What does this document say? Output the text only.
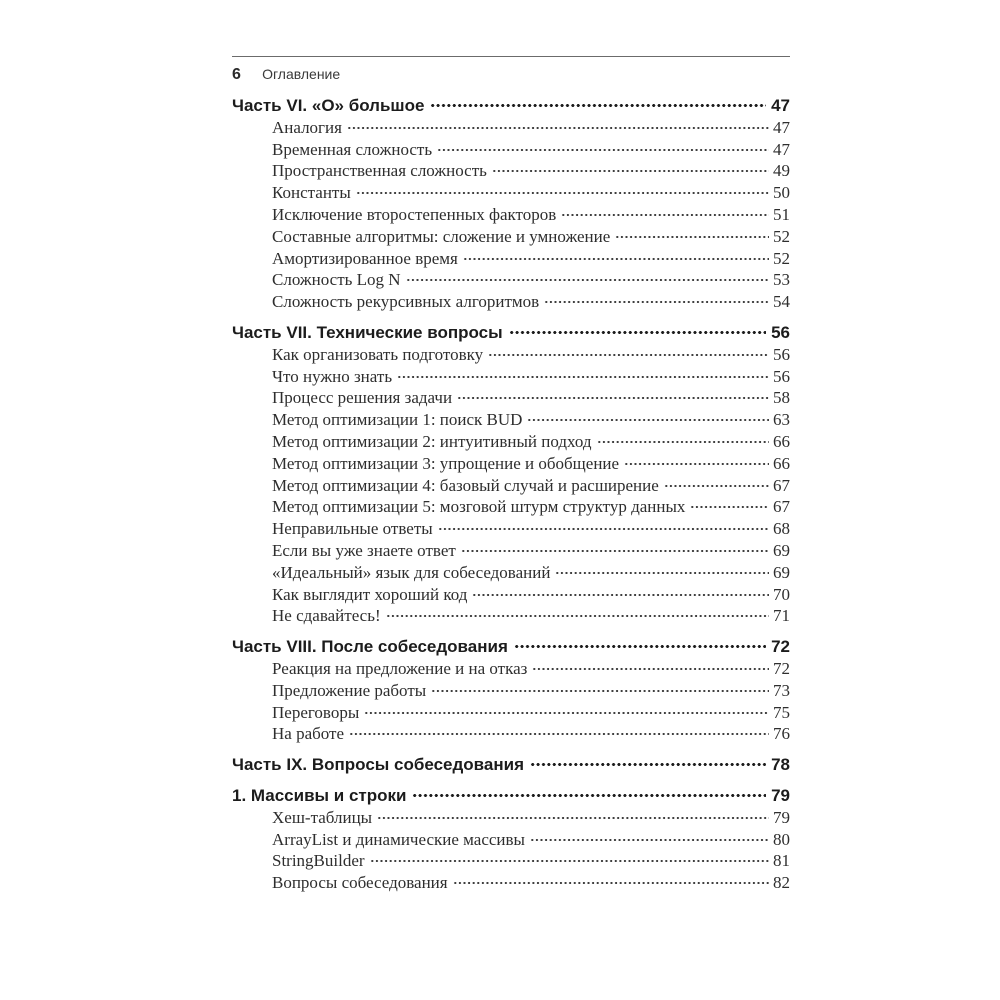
6 Оглавление
Часть VI. «О» большое	47
Аналогия	47
Временная сложность	47
Пространственная сложность	49
Константы	50
Исключение второстепенных факторов	51
Составные алгоритмы: сложение и умножение	52
Амортизированное время	52
Сложность Log N	53
Сложность рекурсивных алгоритмов	54
Часть VII. Технические вопросы	56
Как организовать подготовку	56
Что нужно знать	56
Процесс решения задачи	58
Метод оптимизации 1: поиск BUD	63
Метод оптимизации 2: интуитивный подход	66
Метод оптимизации 3: упрощение и обобщение	66
Метод оптимизации 4: базовый случай и расширение	67
Метод оптимизации 5: мозговой штурм структур данных	67
Неправильные ответы	68
Если вы уже знаете ответ	69
«Идеальный» язык для собеседований	69
Как выглядит хороший код	70
Не сдавайтесь!	71
Часть VIII. После собеседования	72
Реакция на предложение и на отказ	72
Предложение работы	73
Переговоры	75
На работе	76
Часть IX. Вопросы собеседования	78
1. Массивы и строки	79
Хеш-таблицы	79
ArrayList и динамические массивы	80
StringBuilder	81
Вопросы собеседования	82
